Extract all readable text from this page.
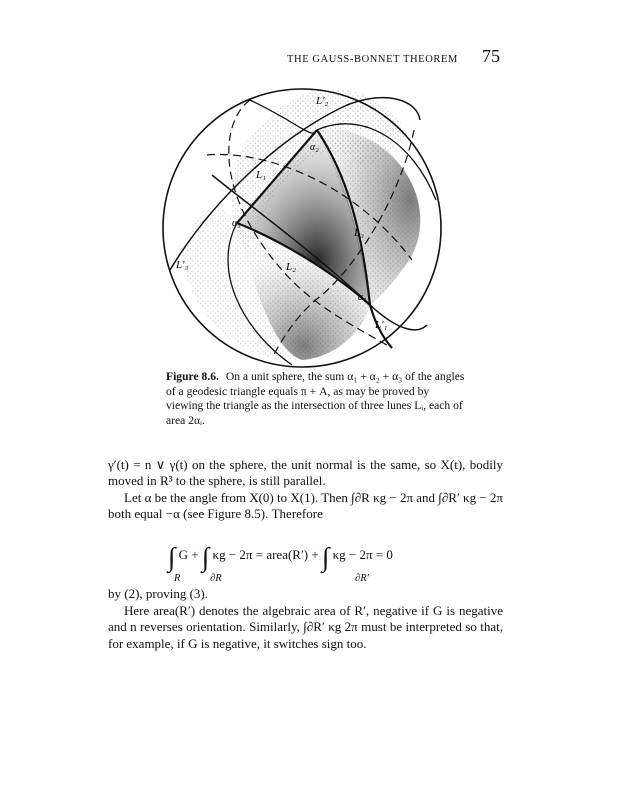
THE GAUSS-BONNET THEOREM 75
L'₂
α₂
L₁
α₃
L₃
L'₃	L₂
α₁
L'₁
Figure 8.6. On a unit sphere, the sum α₁ + α₂ + α₃ of the angles of a geodesic triangle equals π + A, as may be proved by viewing the triangle as the intersection of three lunes Lᵢ, each of area 2αᵢ.
γ′(t) = n ∨ γ(t) on the sphere, the unit normal is the same, so X(t), bodily moved in R³ to the sphere, is still parallel.
Let α be the angle from X(0) to X(1). Then ∫∂R κg − 2π and ∫∂R′ κg − 2π both equal −α (see Figure 8.5). Therefore
∫ G + ∫ κg − 2π = area(R′) + ∫ κg − 2π = 0
R	∂R	∂R′
by (2), proving (3).
Here area(R′) denotes the algebraic area of R′, negative if G is negative and n reverses orientation. Similarly, ∫∂R′ κg 2π must be interpreted so that, for example, if G is negative, it switches sign too.
